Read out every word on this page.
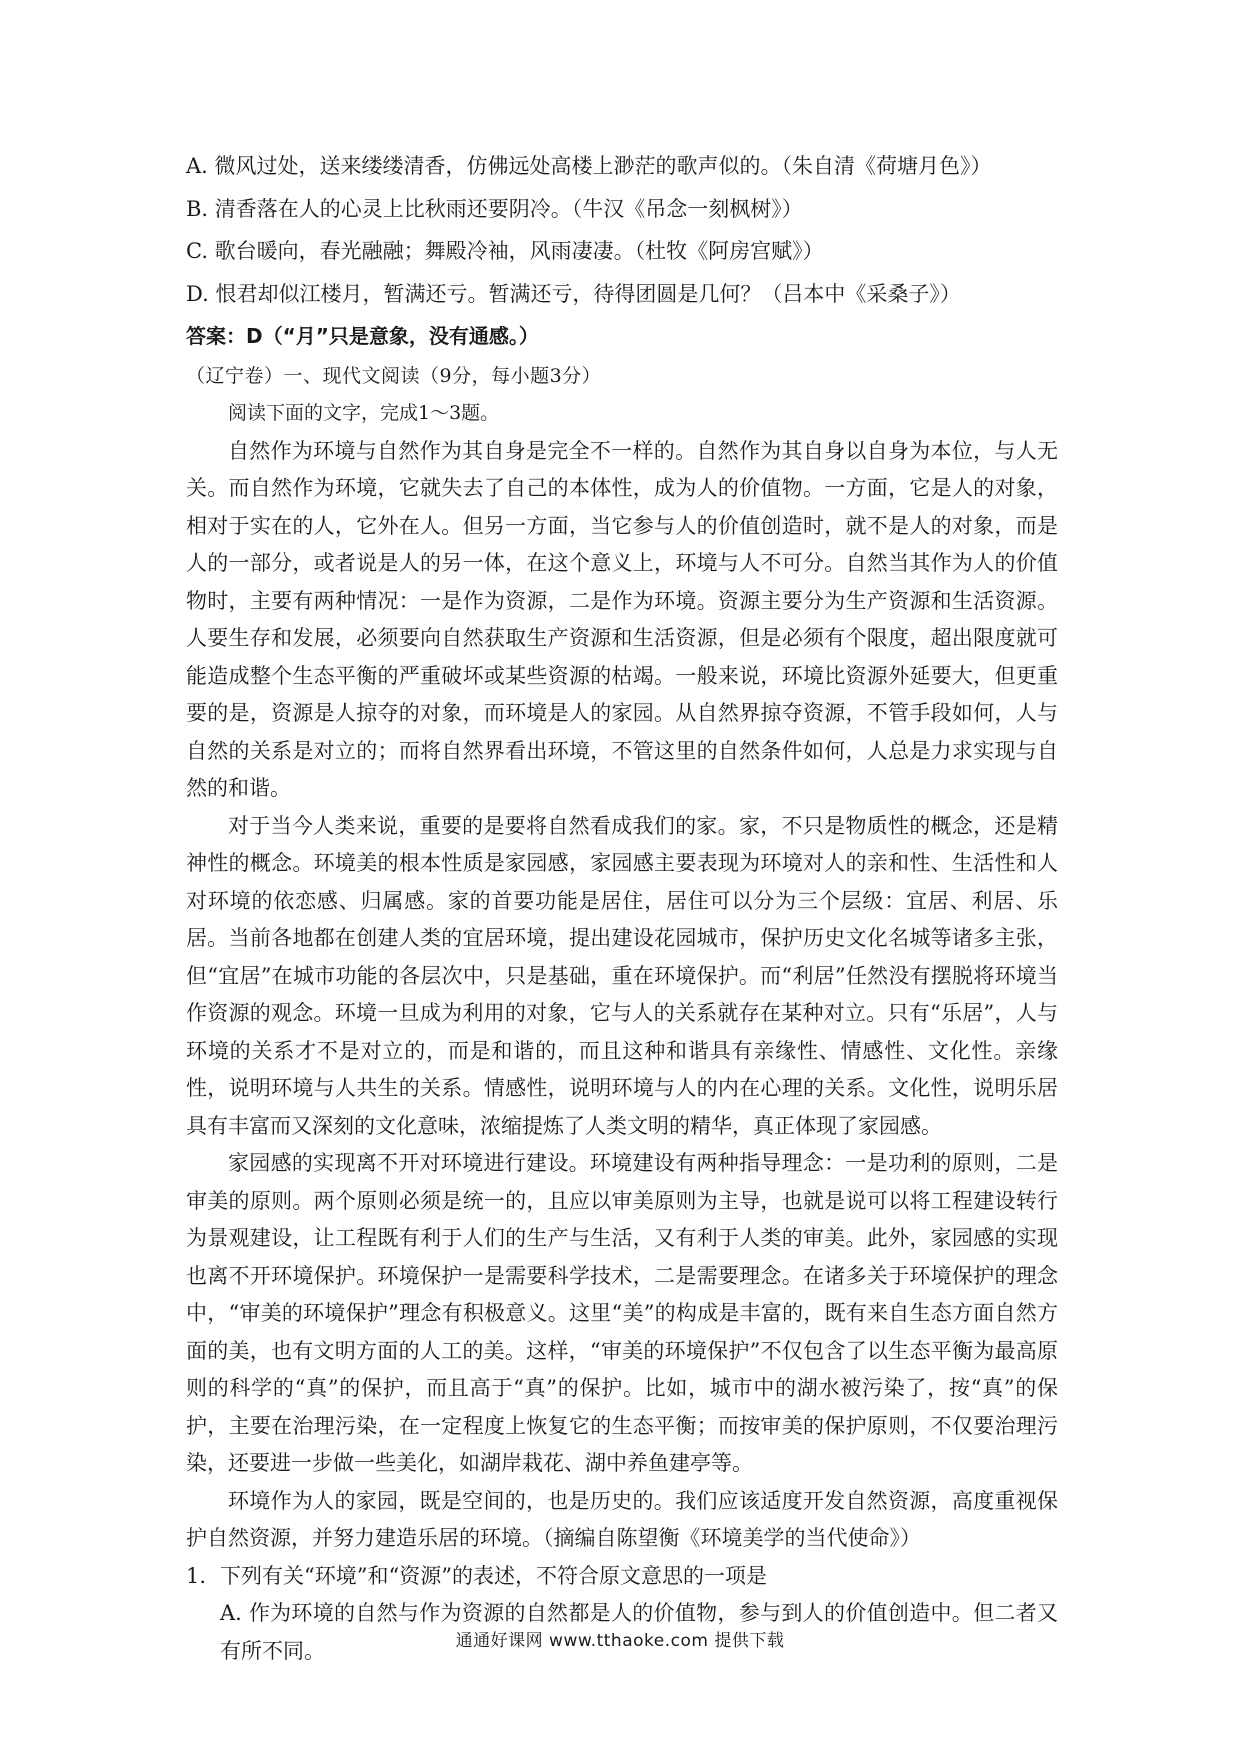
A. 微风过处，送来缕缕清香，仿佛远处高楼上渺茫的歌声似的。（朱自清《荷塘月色》）

B. 清香落在人的心灵上比秋雨还要阴冷。（牛汉《吊念一刻枫树》）

C. 歌台暖向，春光融融；舞殿冷袖，风雨凄凄。（杜牧《阿房宫赋》）

D. 恨君却似江楼月，暂满还亏。暂满还亏，待得团圆是几何？（吕本中《采桑子》）

答案：D（“月”只是意象，没有通感。）

（辽宁卷）一、现代文阅读（9分，每小题3分）

阅读下面的文字，完成1～3题。

自然作为环境与自然作为其自身是完全不一样的。自然作为其自身以自身为本位，与人无关。而自然作为环境，它就失去了自己的本体性，成为人的价值物。一方面，它是人的对象，相对于实在的人，它外在人。但另一方面，当它参与人的价值创造时，就不是人的对象，而是人的一部分，或者说是人的另一体，在这个意义上，环境与人不可分。自然当其作为人的价值物时，主要有两种情况：一是作为资源，二是作为环境。资源主要分为生产资源和生活资源。人要生存和发展，必须要向自然获取生产资源和生活资源，但是必须有个限度，超出限度就可能造成整个生态平衡的严重破坏或某些资源的枯竭。一般来说，环境比资源外延要大，但更重要的是，资源是人掠夺的对象，而环境是人的家园。从自然界掠夺资源，不管手段如何，人与自然的关系是对立的；而将自然界看出环境，不管这里的自然条件如何，人总是力求实现与自然的和谐。

对于当今人类来说，重要的是要将自然看成我们的家。家，不只是物质性的概念，还是精神性的概念。环境美的根本性质是家园感，家园感主要表现为环境对人的亲和性、生活性和人对环境的依恋感、归属感。家的首要功能是居住，居住可以分为三个层级：宜居、利居、乐居。当前各地都在创建人类的宜居环境，提出建设花园城市，保护历史文化名城等诸多主张，但“宜居”在城市功能的各层次中，只是基础，重在环境保护。而“利居”任然没有摆脱将环境当作资源的观念。环境一旦成为利用的对象，它与人的关系就存在某种对立。只有“乐居”，人与环境的关系才不是对立的，而是和谐的，而且这种和谐具有亲缘性、情感性、文化性。亲缘性，说明环境与人共生的关系。情感性，说明环境与人的内在心理的关系。文化性，说明乐居具有丰富而又深刻的文化意味，浓缩提炼了人类文明的精华，真正体现了家园感。

家园感的实现离不开对环境进行建设。环境建设有两种指导理念：一是功利的原则，二是审美的原则。两个原则必须是统一的，且应以审美原则为主导，也就是说可以将工程建设转行为景观建设，让工程既有利于人们的生产与生活，又有利于人类的审美。此外，家园感的实现也离不开环境保护。环境保护一是需要科学技术，二是需要理念。在诸多关于环境保护的理念中，“审美的环境保护”理念有积极意义。这里“美”的构成是丰富的，既有来自生态方面自然方面的美，也有文明方面的人工的美。这样，“审美的环境保护”不仅包含了以生态平衡为最高原则的科学的“真”的保护，而且高于“真”的保护。比如，城市中的湖水被污染了，按“真”的保护，主要在治理污染，在一定程度上恢复它的生态平衡；而按审美的保护原则，不仅要治理污染，还要进一步做一些美化，如湖岸栽花、湖中养鱼建亭等。

环境作为人的家园，既是空间的，也是历史的。我们应该适度开发自然资源，高度重视保护自然资源，并努力建造乐居的环境。（摘编自陈望衡《环境美学的当代使命》）

1. 下列有关“环境”和“资源”的表述，不符合原文意思的一项是

A. 作为环境的自然与作为资源的自然都是人的价值物，参与到人的价值创造中。但二者又有所不同。	通通好课网 www.tthaoke.com 提供下载
